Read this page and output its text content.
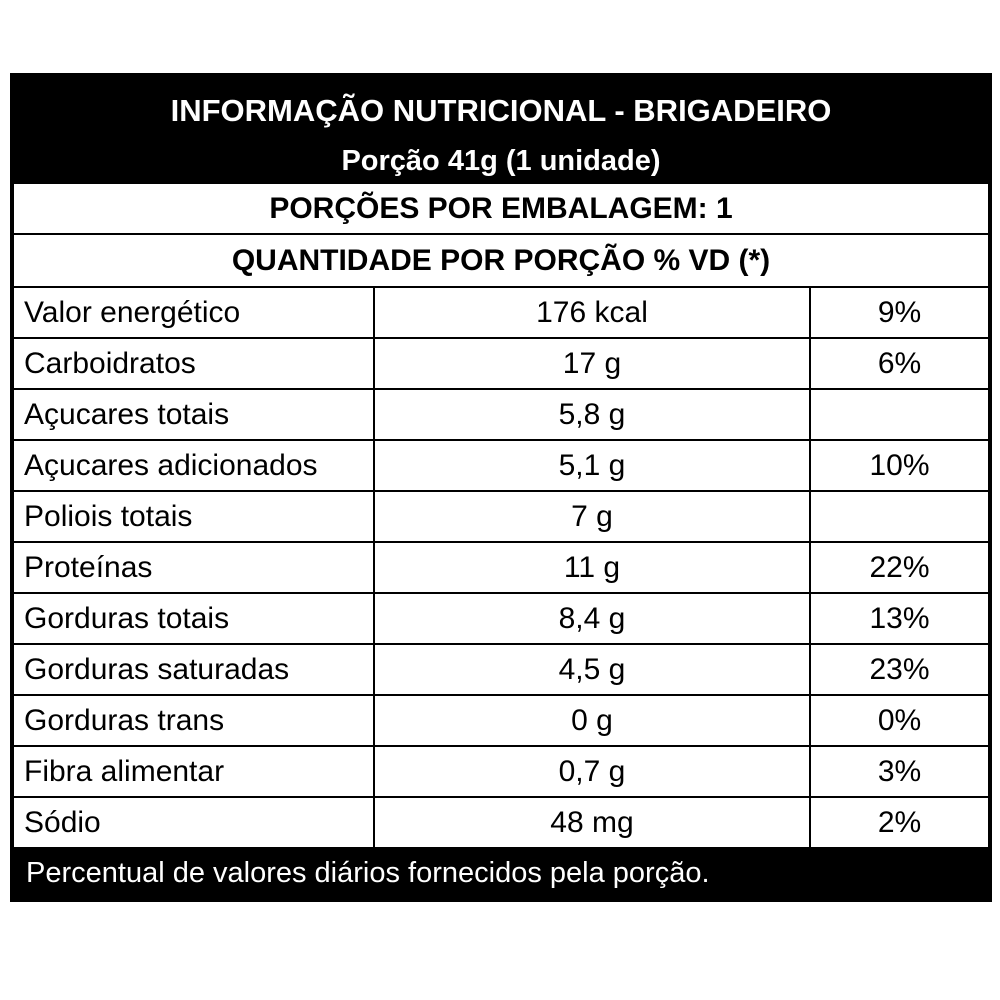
INFORMAÇÃO NUTRICIONAL - BRIGADEIRO
Porção 41g (1 unidade)		

PORÇÕES POR EMBALAGEM: 1		
QUANTIDADE POR PORÇÃO % VD (*)		
Valor energético	176 kcal	9%
Carboidratos	17 g	6%
Açucares totais	5,8 g	
Açucares adicionados	5,1 g	10%
Poliois totais	7 g	
Proteínas	11 g	22%
Gorduras totais	8,4 g	13%
Gorduras saturadas	4,5 g	23%
Gorduras trans	0 g	0%
Fibra alimentar	0,7 g	3%
Sódio	48 mg	2%
Percentual de valores diários fornecidos pela porção.		
